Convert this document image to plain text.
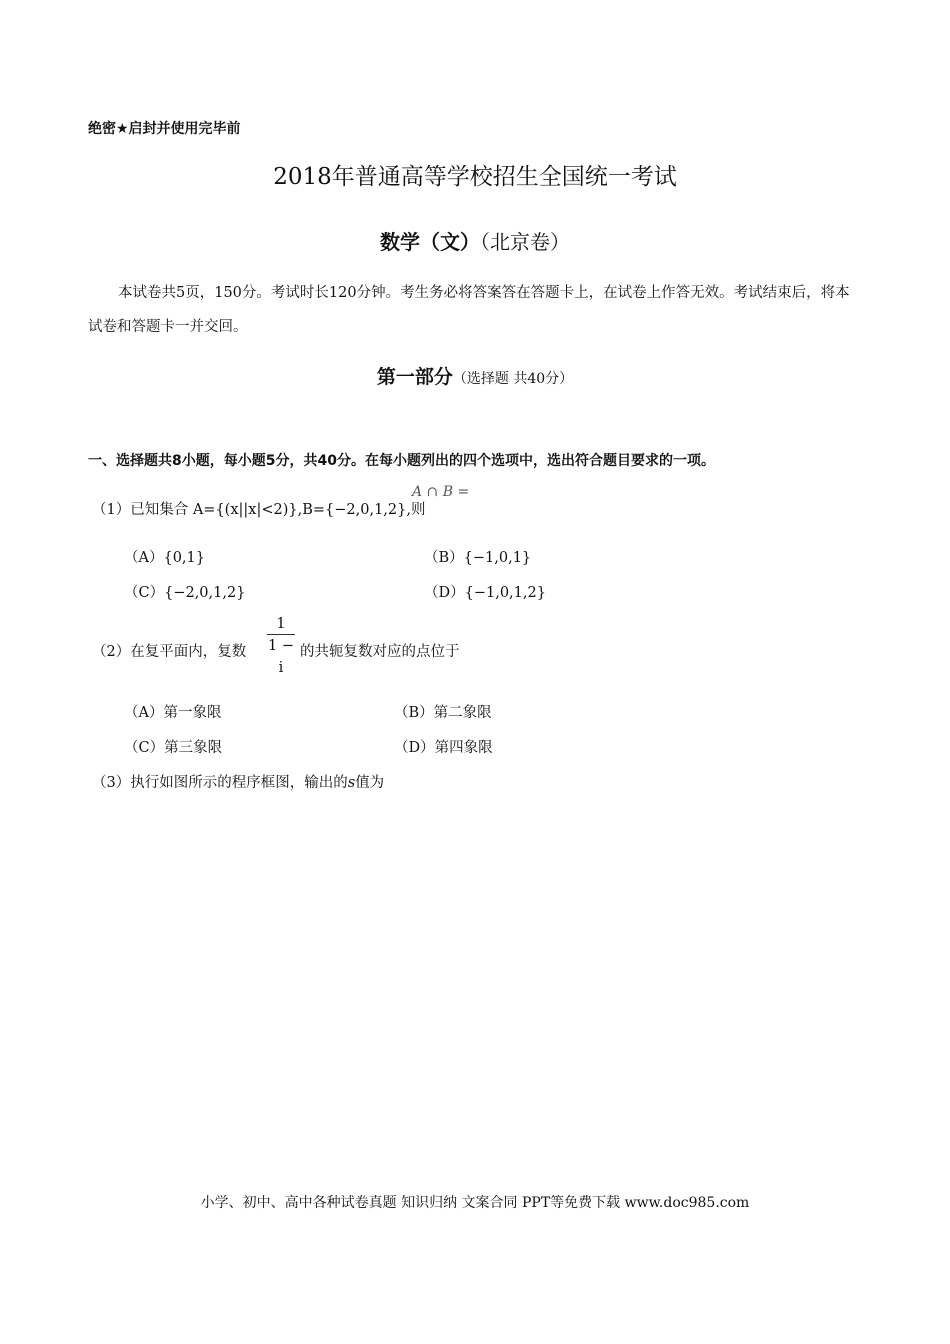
绝密★启封并使用完毕前
2018年普通高等学校招生全国统一考试
数学（文）（北京卷）
本试卷共5页，150分。考试时长120分钟。考生务必将答案答在答题卡上，在试卷上作答无效。考试结束后，将本试卷和答题卡一并交回。
第一部分（选择题 共40分）
一、选择题共8小题，每小题5分，共40分。在每小题列出的四个选项中，选出符合题目要求的一项。
（1）已知集合 A={(x||x|<2)},B={−2,0,1,2},则
A ∩ B =
（A）{0,1}	（B）{−1,0,1}
（C）{−2,0,1,2}	（D）{−1,0,1,2}
（2）在复平面内，复数
1
1 − i
的共轭复数对应的点位于
（A）第一象限	（B）第二象限
（C）第三象限	（D）第四象限
（3）执行如图所示的程序框图，输出的s值为
小学、初中、高中各种试卷真题 知识归纳 文案合同 PPT等免费下载 www.doc985.com
